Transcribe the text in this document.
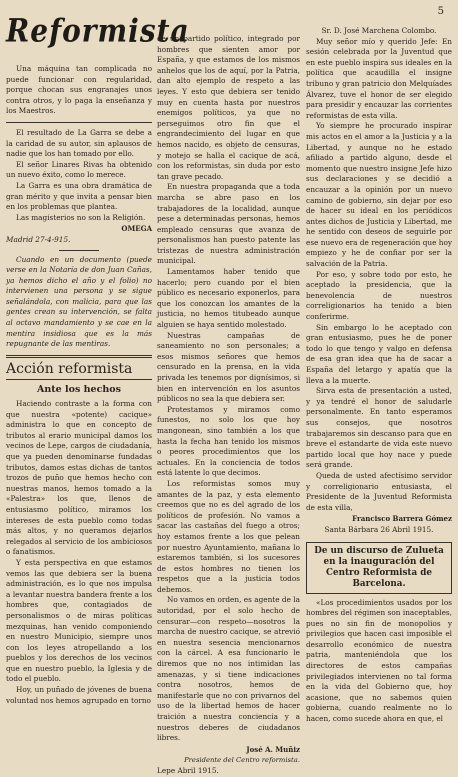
Reformista	5

Una máquina tan complicada no puede funcionar con regularidad, porque chocan sus engranajes unos contra otros, y lo paga la enseñanza y los Maestros.

El resultado de La Garra se debe a la caridad de su autor, sin aplausos de nadie que los han tomado por ello.

El señor Linares Rivas ha obtenido un nuevo éxito, como lo merece.

La Garra es una obra dramática de gran mérito y que invita a pensar bien en los problemas que plantea.

Las magisterios no son la Religión.

OMEGA

Madrid 27-4-915.

Cuando en un documento (puede verse en la Notaría de don Juan Cañas, ya hemos dicho el año y el folio) no intervienen una persona y se sigue señalándola, con malicia, para que las gentes crean su intervención, se falta al octavo mandamiento y se cae en la mentira insidiosa que es la más repugnante de las mentiras.

Acción reformista
Ante los hechos

Haciendo contraste a la forma con que nuestra «potente) cacique» administra lo que en concepto de tributos al erario municipal damos los vecinos de Lepe, cargos de ciudadanía, que ya pueden denominarse fundadas tributos, damos estas dichas de tantos trozos de puño que hemos hecho con nuestras manos, hemos tomado a la «Palestra» los que, llenos de entusiasmo político, miramos los intereses de esta pueblo como todas más altos, y no queramos dejarlos relegados al servicio de los ambiciosos o fanatismos.

Y esta perspectiva en que estamos vemos las que debiera ser la buena administración, es lo que nos impulsa a levantar nuestra bandera frente a los hombres que, contagiados de personalismos o de miras políticas mezquinas, han venido componiendo en nuestro Municipio, siempre unos con los leyes atropellando a los pueblos y los derechos de los vecinos que en nuestro pueblo, la Iglesia y de todo el pueblo.

Hoy, un puñado de jóvenes de buena voluntad nos hemos agrupado en torno

de un partido político, integrado por hombres que sienten amor por España, y que estamos de los mismos anhelos que los de aquí, por la Patria, dan alto ejemplo de respeto a las leyes. Y esto que debiera ser tenido muy en cuenta hasta por nuestros enemigos políticos, ya que no perseguimos otro fin que el engrandecimiento del lugar en que hemos nacido, es objeto de censuras, y motejo se halla el cacique de acá, con los reformistas, sin duda por esto tan grave pecado.

En nuestra propaganda que a toda marcha se abre paso en los trabajadores de la localidad, aunque pese a determinadas personas, hemos empleado censuras que avanza de personalismos han puesto patente las tristezas de nuestra administración municipal.

Lamentamos haber tenido que hacerlo; pero cuando por el bien público es necesario exponerlos, para que los conozcan los amantes de la justicia, no hemos titubeado aunque alguien se haya sentido molestado.

Nuestras campañas de saneamiento no son personales; a esos mismos señores que hemos censurado en la prensa, en la vida privada les tenemos por dignísimos, si bien en intervención en los asuntos públicos no sea la que debiera ser.

Protestamos y miramos como funestos, no solo los que hoy mangonean, sino también a los que hasta la fecha han tenido los mismos o peores procedimientos que los actuales. En la conciencia de todos está latente lo que decimos.

Los reformistas somos muy amantes de la paz, y esta elemento creemos que no es del agrado de los políticos de profesión. No vamos a sacar las castañas del fuego a otros; hoy estamos frente a los que pelean por nuestro Ayuntamiento, mañana lo estaremos también, si los sucesores de estos hombres no tienen los respetos que a la justicia todos debemos.

No vamos en orden, es agente de la autoridad, por el solo hecho de censurar—con respeto—nosotros la marcha de nuestro cacique, se atrevió en nuestra sesencia mencionarnos con la cárcel. A esa funcionario le diremos que no nos intimidan las amenazas, y si tiene indicaciones contra nosotros, hemos de manifestarle que no con privarnos del uso de la libertad hemos de hacer traición a nuestra conciencia y a nuestros deberes de ciudadanos libres.

José A. Muñiz
Presidente del Centro reformista.

Lepe Abril 1915.

Sr. D. José Marchena Colombo.

Muy señor mío y querido Jefe: En sesión celebrada por la Juventud que en este pueblo inspira sus ideales en la política que acaudilla el insigne tribuno y gran patricio don Melquíades Álvarez, tuve el honor de ser elegido para presidir y encauzar las corrientes reformistas de esta villa.

Yo siempre he procurado inspirar mis actos en el amor a la Justicia y a la Libertad, y aunque no he estado afiliado a partido alguno, desde el momento que nuestro insigne Jefe hizo sus declaraciones y se decidió a encauzar a la opinión por un nuevo camino de gobierno, sin dejar por eso de hacer su ideal en los periódicos antes dichos de Justicia y Libertad, me he sentido con deseos de seguirle por ese nuevo era de regeneración que hoy empiezo y he de confiar por ser la salvación de la Patria.

Por eso, y sobre todo por esto, he aceptado la presidencia, que la benevolencia de nuestros correligionarios ha tenido a bien conferirme.

Sin embargo lo he aceptado con gran entusiasmo, pues he de poner todo lo que tengo y valgo en defensa de esa gran idea que ha de sacar a España del letargo y apatía que la lleva a la muerte.

Sirva esta de presentación a usted, y ya tendré el honor de saludarle personalmente. En tanto esperamos sus consejos, que nosotros trabajaremos sin descanso para que en breve el estandarte de vida este nuevo partido local que hoy nace y puede será grande.

Queda de usted afectísimo servidor y correligionario entusiasta, el Presidente de la Juventud Reformista de esta villa,

Francisco Barrera Gómez

Santa Bárbara 26 Abril 1915.

De un discurso de Zulueta en la inauguración del Centro Reformista de Barcelona.

«Los procedimientos usados por los hombres del régimen son inaceptables, pues no sin fin de monopolios y privilegios que hacen casi imposible el desarrollo económico de nuestra patria, manteniéndola que los directores de estos campañas privilegiados intervienen no tal forma en la vida del Gobierno que, hoy acasione, que no sabemos quien gobierna, cuando realmente no lo hacen, como sucede ahora en que, el
